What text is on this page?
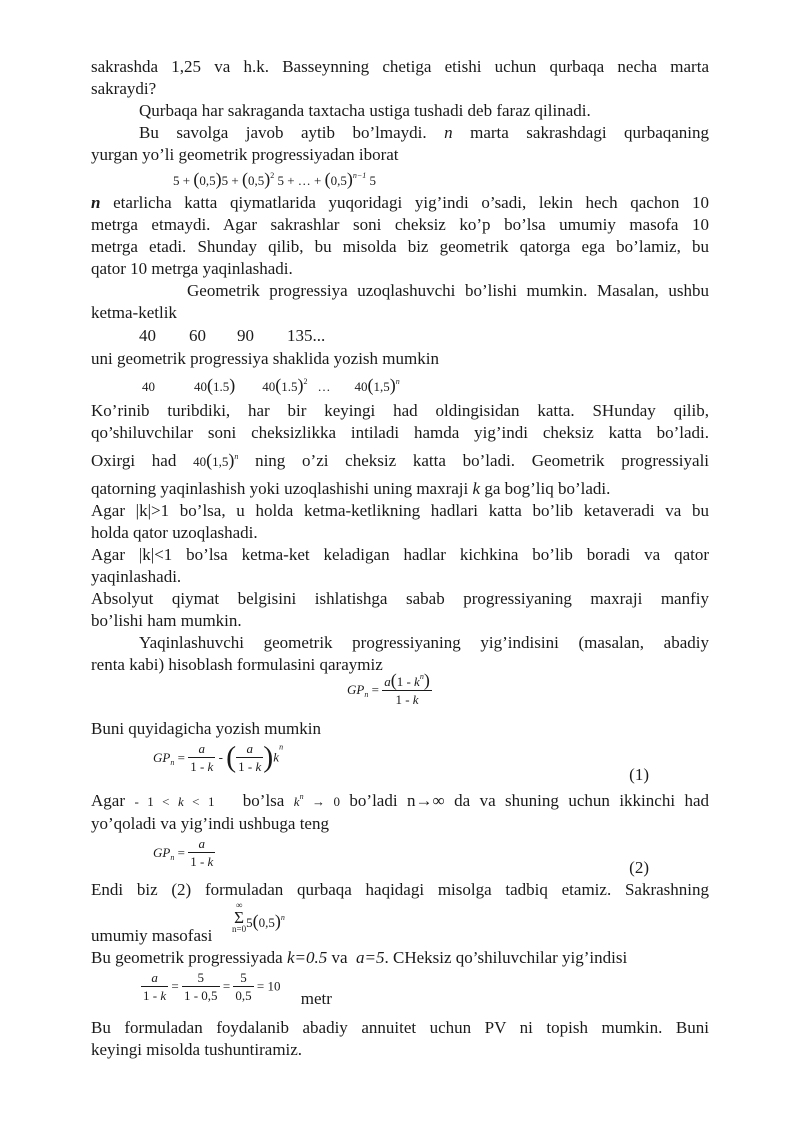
sakrashda 1,25 va h.k. Basseynning chetiga etishi uchun qurbaqa necha marta
sakraydi?

Qurbaqa har sakraganda taxtacha ustiga tushadi deb faraz qilinadi.

Bu savolga javob aytib bo’lmaydi. n marta sakrashdagi qurbaqaning

yurgan yo’li geometrik progressiyadan iborat

$5 + (0,5)5 + (0,5)^2$ 5 + … + $(0,5)^{n-1}$ 5

n etarlicha katta qiymatlarida yuqoridagi yig’indi o’sadi, lekin hech qachon 10
metrga etmaydi. Agar sakrashlar soni cheksiz ko’p bo’lsa umumiy masofa 10
metrga etadi. Shunday qilib, bu misolda biz geometrik qatorga ega bo’lamiz, bu
qator 10 metrga yaqinlashadi.

Geometrik progressiya uzoqlashuvchi bo’lishi mumkin. Masalan, ushbu
ketma-ketlik

40 60 90 135...

uni geometrik progressiya shaklida yozish mumkin

40	40(1.5) $40(1.5)^2$ … $40(1,5)^n$

Ko’rinib turibdiki, har bir keyingi had oldingisidan katta. SHunday qilib,
qo’shiluvchilar soni cheksizlikka intiladi hamda yig’indi cheksiz katta bo’ladi.
Oxirgi had $40(1,5)^n$ ning o’zi cheksiz katta bo’ladi. Geometrik progressiyali
qatorning yaqinlashish yoki uzoqlashishi uning maxraji k ga bog’liq bo’ladi.

Agar |k|>1 bo’lsa, u holda ketma-ketlikning hadlari katta bo’lib ketaveradi va bu
holda qator uzoqlashadi.

Agar |k|<1 bo’lsa ketma-ket keladigan hadlar kichkina bo’lib boradi va qator
yaqinlashadi.

Absolyut qiymat belgisini ishlatishga sabab progressiyaning maxraji manfiy
bo’lishi ham mumkin.

Yaqinlashuvchi geometrik progressiyaning yig’indisini (masalan, abadiy
renta kabi) hisoblash formulasini qaraymiz

$GP_n = \frac{a(1 - k^n)}{1 - k}$

Buni quyidagicha yozish mumkin

$GP_n = \frac{a}{1 - k}$ - ( $\frac{a}{1 - k} )k^n$
(1)

Agar - 1 < k < 1 bo’lsa $k^n \to 0$ bo’ladi n→∞ da va shuning uchun ikkinchi had
yo’qoladi va yig’indi ushbuga teng

$GP_n = \frac{a}{1 - k}$	(2)

Endi biz (2) formuladan qurbaqa haqidagi misolga tadbiq etamiz. Sakrashning
umumiy masofasi
∞
Σ
$n=05(0,5)^n$

Bu geometrik progressiyada k=0.5 va a=5. CHeksiz qo’shiluvchilar yig’indisi

$\frac{a}{1 - k} = \frac{5}{1 - 0,5} = \frac{5}{0,5} = 10$ metr

Bu formuladan foydalanib abadiy annuitet uchun PV ni topish mumkin. Buni
keyingi misolda tushuntiramiz.
